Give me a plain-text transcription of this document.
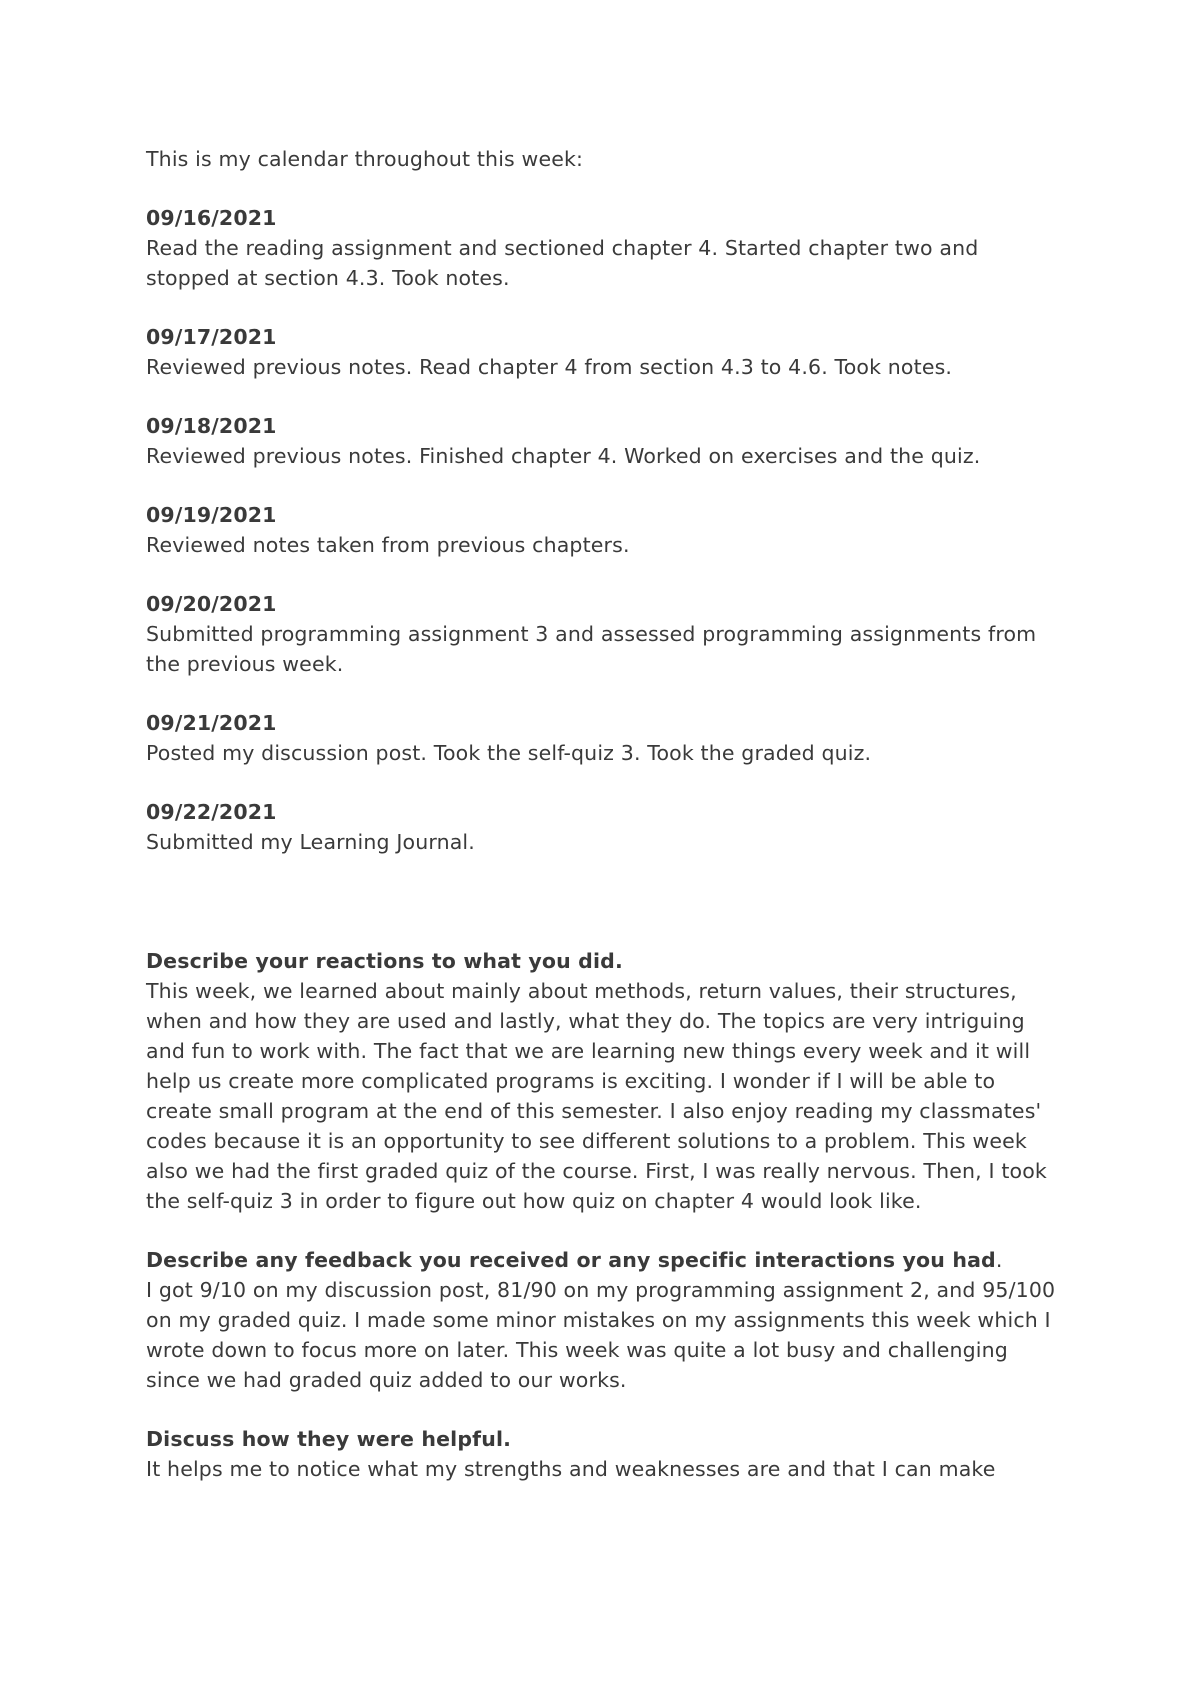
This is my calendar throughout this week:

09/16/2021
Read the reading assignment and sectioned chapter 4. Started chapter two and stopped at section 4.3. Took notes.
09/17/2021
Reviewed previous notes. Read chapter 4 from section 4.3 to 4.6. Took notes.
09/18/2021
Reviewed previous notes. Finished chapter 4. Worked on exercises and the quiz.
09/19/2021
Reviewed notes taken from previous chapters.
09/20/2021
Submitted programming assignment 3 and assessed programming assignments from the previous week.
09/21/2021
Posted my discussion post. Took the self-quiz 3. Took the graded quiz.
09/22/2021
Submitted my Learning Journal.
Describe your reactions to what you did.
This week, we learned about mainly about methods, return values, their structures, when and how they are used and lastly, what they do. The topics are very intriguing and fun to work with. The fact that we are learning new things every week and it will help us create more complicated programs is exciting. I wonder if I will be able to create small program at the end of this semester. I also enjoy reading my classmates' codes because it is an opportunity to see different solutions to a problem. This week also we had the first graded quiz of the course. First, I was really nervous. Then, I took the self-quiz 3 in order to figure out how quiz on chapter 4 would look like.
Describe any feedback you received or any specific interactions you had.
I got 9/10 on my discussion post, 81/90 on my programming assignment 2, and 95/100 on my graded quiz. I made some minor mistakes on my assignments this week which I wrote down to focus more on later. This week was quite a lot busy and challenging since we had graded quiz added to our works.
Discuss how they were helpful.
It helps me to notice what my strengths and weaknesses are and that I can make
